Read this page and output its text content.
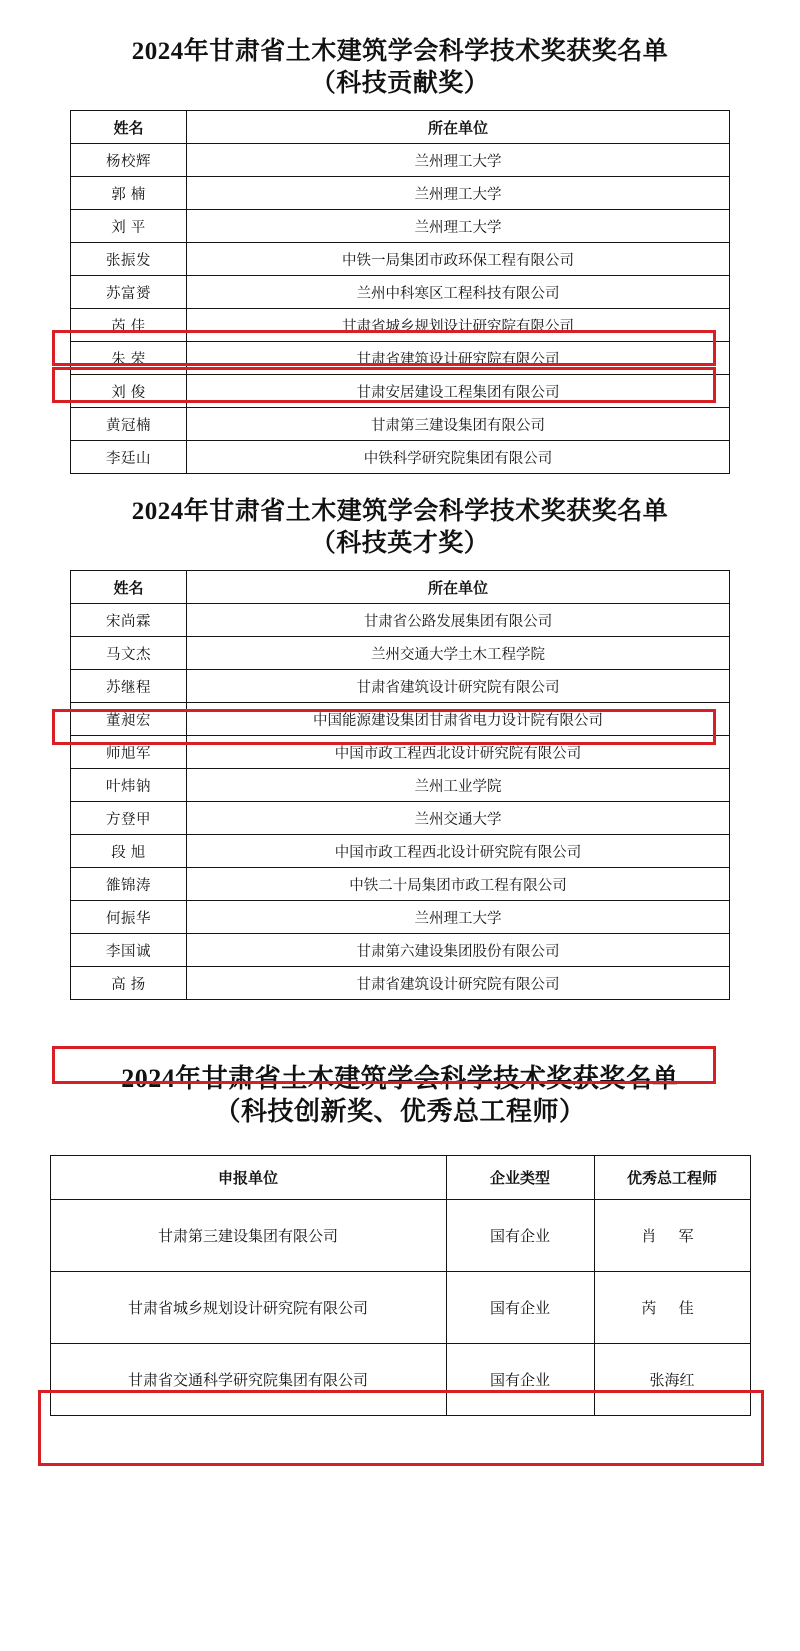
2024年甘肃省土木建筑学会科学技术奖获奖名单
（科技贡献奖）
姓名	所在单位
杨校辉	兰州理工大学
郭 楠	兰州理工大学
刘 平	兰州理工大学
张振发	中铁一局集团市政环保工程有限公司
苏富赟	兰州中科寒区工程科技有限公司
芮 佳	甘肃省城乡规划设计研究院有限公司
朱 荣	甘肃省建筑设计研究院有限公司
刘 俊	甘肃安居建设工程集团有限公司
黄冠楠	甘肃第三建设集团有限公司
李廷山	中铁科学研究院集团有限公司
2024年甘肃省土木建筑学会科学技术奖获奖名单
（科技英才奖）
姓名	所在单位
宋尚霖	甘肃省公路发展集团有限公司
马文杰	兰州交通大学土木工程学院
苏继程	甘肃省建筑设计研究院有限公司
董昶宏	中国能源建设集团甘肃省电力设计院有限公司
师旭军	中国市政工程西北设计研究院有限公司
叶炜钠	兰州工业学院
方登甲	兰州交通大学
段 旭	中国市政工程西北设计研究院有限公司
雒锦涛	中铁二十局集团市政工程有限公司
何振华	兰州理工大学
李国诚	甘肃第六建设集团股份有限公司
高 扬	甘肃省建筑设计研究院有限公司
2024年甘肃省土木建筑学会科学技术奖获奖名单
（科技创新奖、优秀总工程师）
申报单位	企业类型	优秀总工程师
甘肃第三建设集团有限公司	国有企业	肖 军
甘肃省城乡规划设计研究院有限公司	国有企业	芮 佳
甘肃省交通科学研究院集团有限公司	国有企业	张海红
